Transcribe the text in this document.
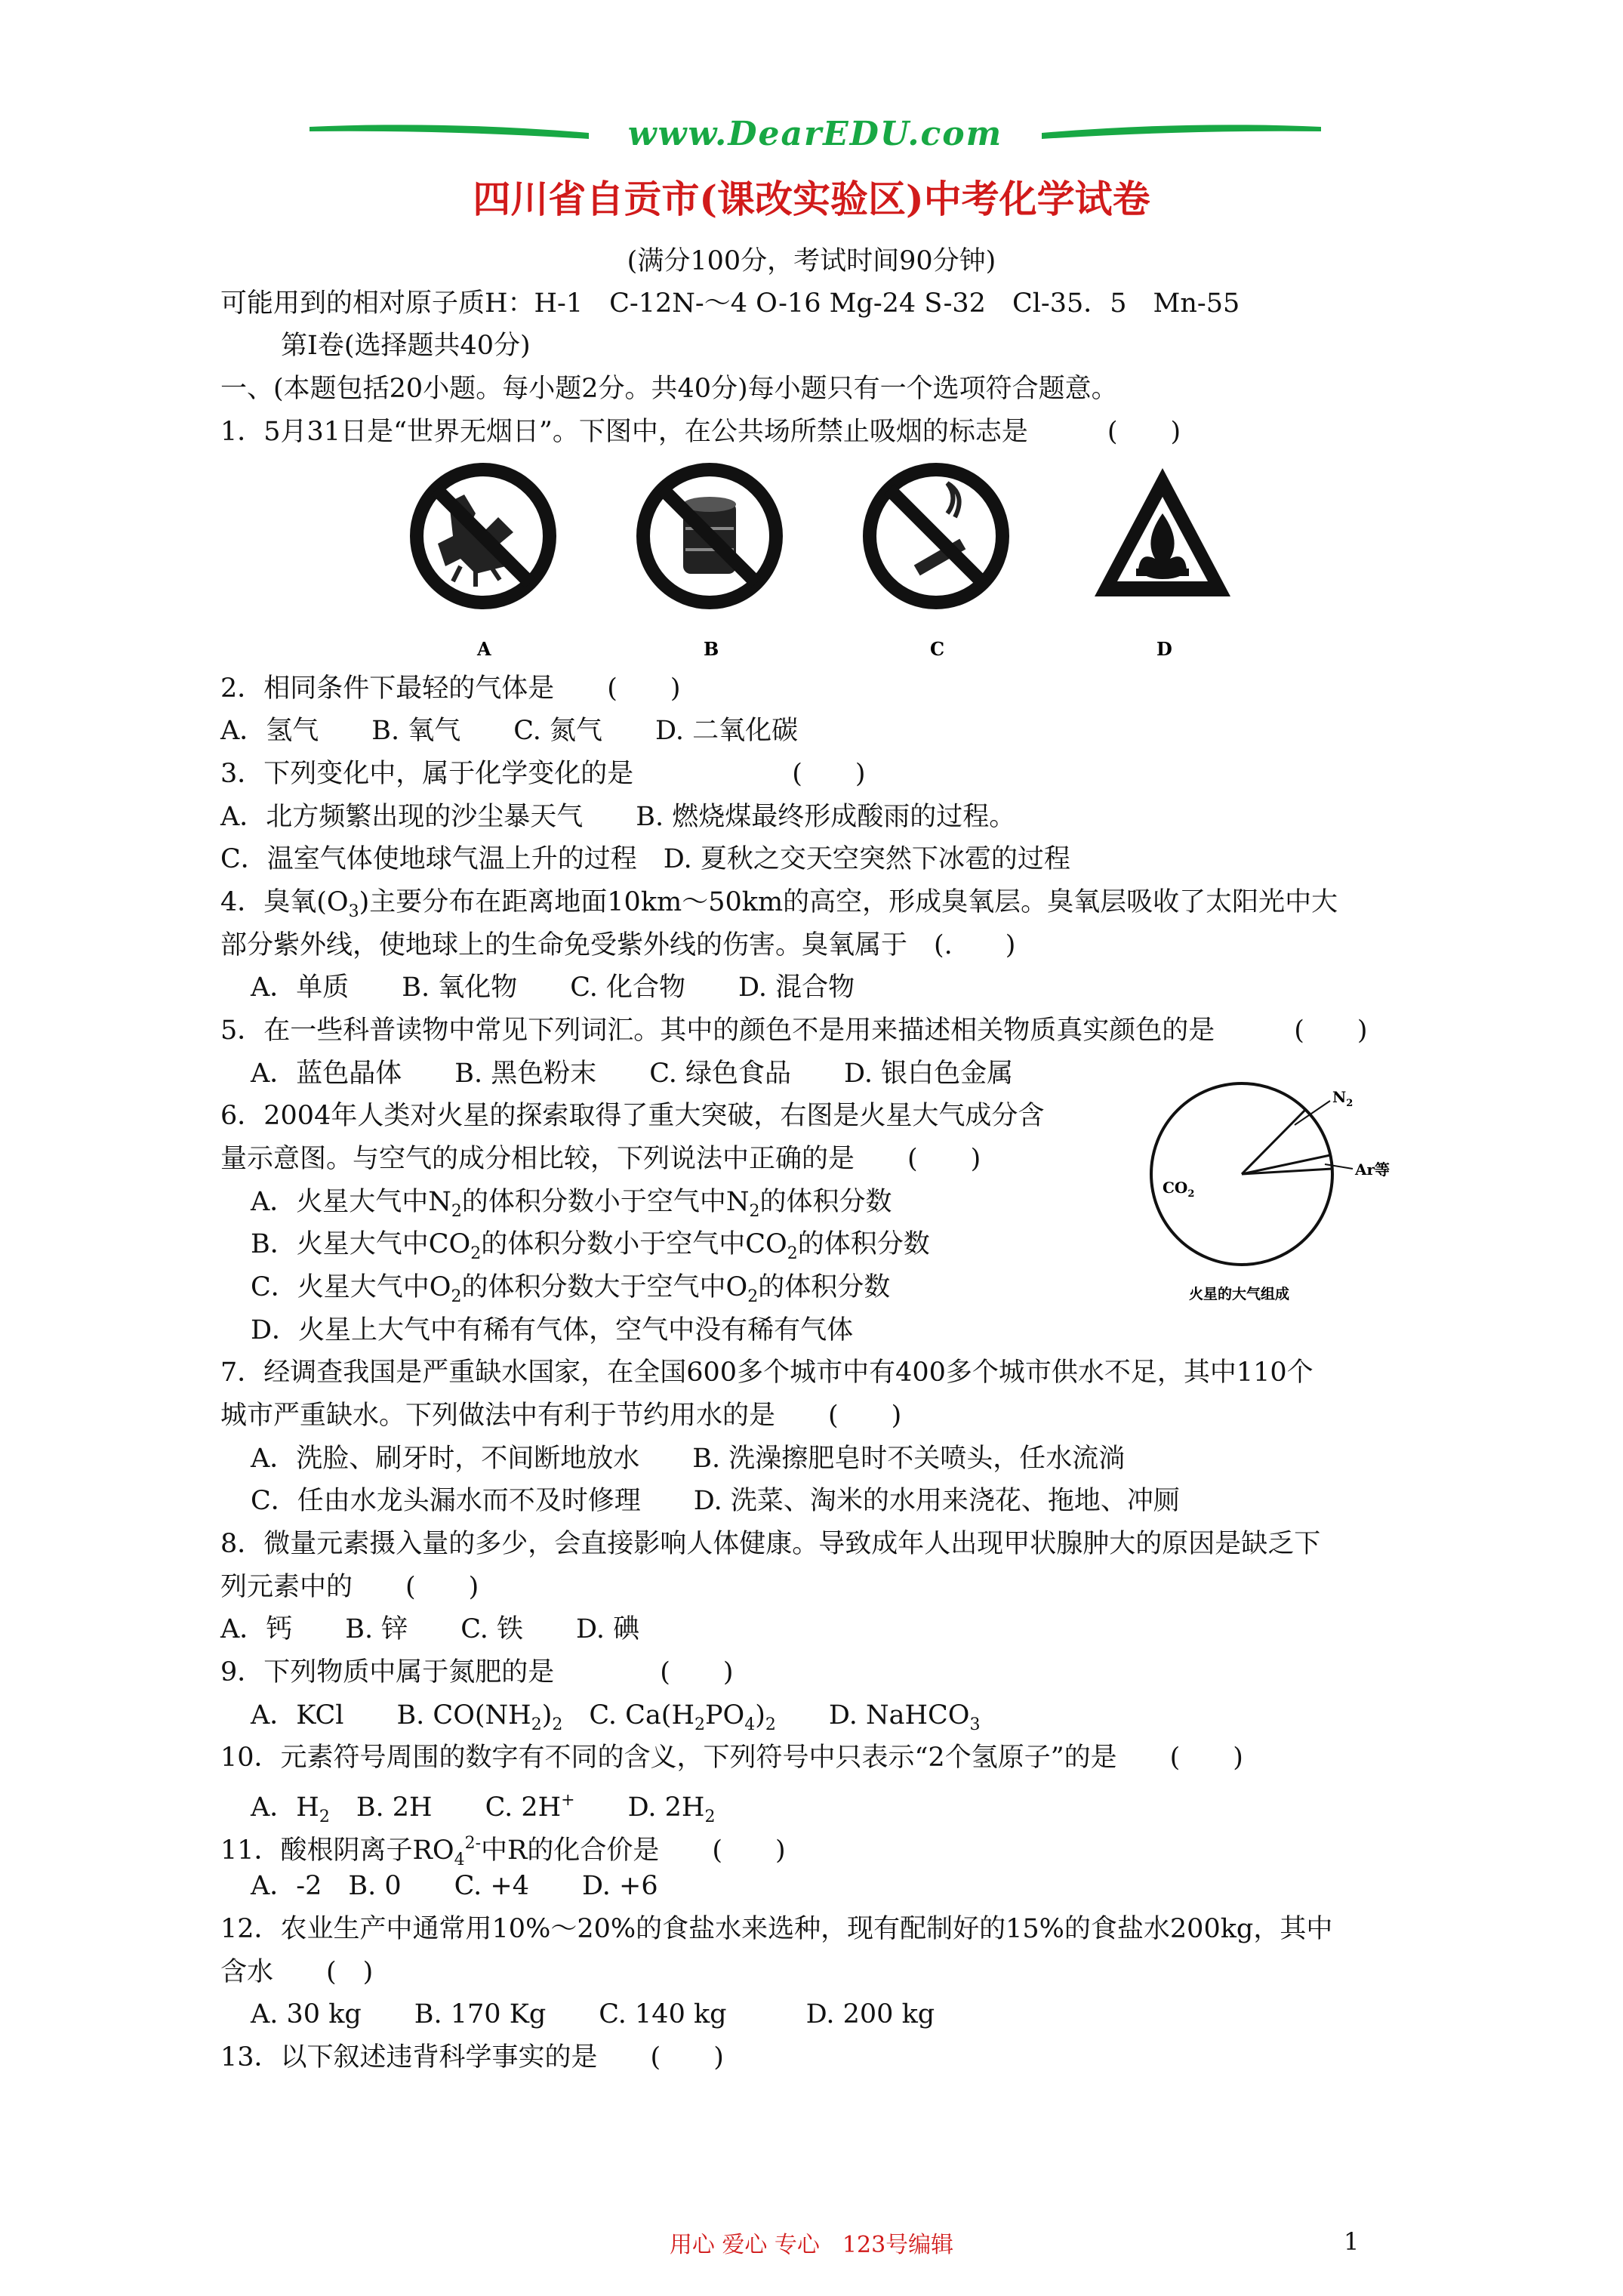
www.DearEDU.com
四川省自贡市(课改实验区)中考化学试卷
(满分100分，考试时间90分钟)
可能用到的相对原子质H：H-1　C-12N-～4 O-16 Mg-24 S-32　Cl-35．5　Mn-55
第Ⅰ卷(选择题共40分)
一、(本题包括20小题。每小题2分。共40分)每小题只有一个选项符合题意。
1．5月31日是“世界无烟日”。下图中，在公共场所禁止吸烟的标志是　　　(　　)
A	B	C	D
2．相同条件下最轻的气体是　　(　　)
A．氢气　　B. 氧气　　C. 氮气　　D. 二氧化碳
3．下列变化中，属于化学变化的是　　　　　　(　　)
A．北方频繁出现的沙尘暴天气　　B. 燃烧煤最终形成酸雨的过程。
C．温室气体使地球气温上升的过程　D. 夏秋之交天空突然下冰雹的过程
4．臭氧$(O_3)$主要分布在距离地面10km～50km的高空，形成臭氧层。臭氧层吸收了太阳光中大
部分紫外线，使地球上的生命免受紫外线的伤害。臭氧属于　(.　　)
A．单质　　B. 氧化物　　C. 化合物　　D. 混合物
5．在一些科普读物中常见下列词汇。其中的颜色不是用来描述相关物质真实颜色的是　　　(　　)
A．蓝色晶体　　B. 黑色粉末　　C. 绿色食品　　D. 银白色金属
6．2004年人类对火星的探索取得了重大突破，右图是火星大气成分含
量示意图。与空气的成分相比较，下列说法中正确的是　　(　　)
A．火星大气中$N_2$的体积分数小于空气中$N_2$的体积分数
B．火星大气中$CO_2$的体积分数小于空气中$CO_2$的体积分数
C．火星大气中$O_2$的体积分数大于空气中$O_2$的体积分数
D．火星上大气中有稀有气体，空气中没有稀有气体
$N_2$
Ar等
$CO_2$
火星的大气组成
7．经调查我国是严重缺水国家，在全国600多个城市中有400多个城市供水不足，其中110个
城市严重缺水。下列做法中有利于节约用水的是　　(　　)
A．洗脸、刷牙时，不间断地放水　　B. 洗澡擦肥皂时不关喷头，任水流淌
C．任由水龙头漏水而不及时修理　　D. 洗菜、淘米的水用来浇花、拖地、冲厕
8．微量元素摄入量的多少，会直接影响人体健康。导致成年人出现甲状腺肿大的原因是缺乏下
列元素中的　　(　　)
A．钙　　B. 锌　　C. 铁　　D. 碘
9．下列物质中属于氮肥的是　　　　(　　)
A．KCl　　B. $CO(NH_2)_2$　C. $Ca(H_2PO_4)_2$　　D. NaHCO$_3$
10．元素符号周围的数字有不同的含义，下列符号中只表示“2个氢原子”的是　　(　　)
A．$H_2$　B. 2H　　C. 2H+　　D. $2H_2$
11．酸根阴离子$RO_4^{2-}$中R的化合价是　　(　　)
A．-2　B. 0　　C. +4　　D. +6
12．农业生产中通常用10%～20%的食盐水来选种，现有配制好的15%的食盐水200kg，其中
含水　　(　)
A. 30 kg　　B. 170 Kg　　C. 140 kg　　　D. 200 kg
13．以下叙述违背科学事实的是　　(　　)
用心 爱心 专心　123号编辑	1
